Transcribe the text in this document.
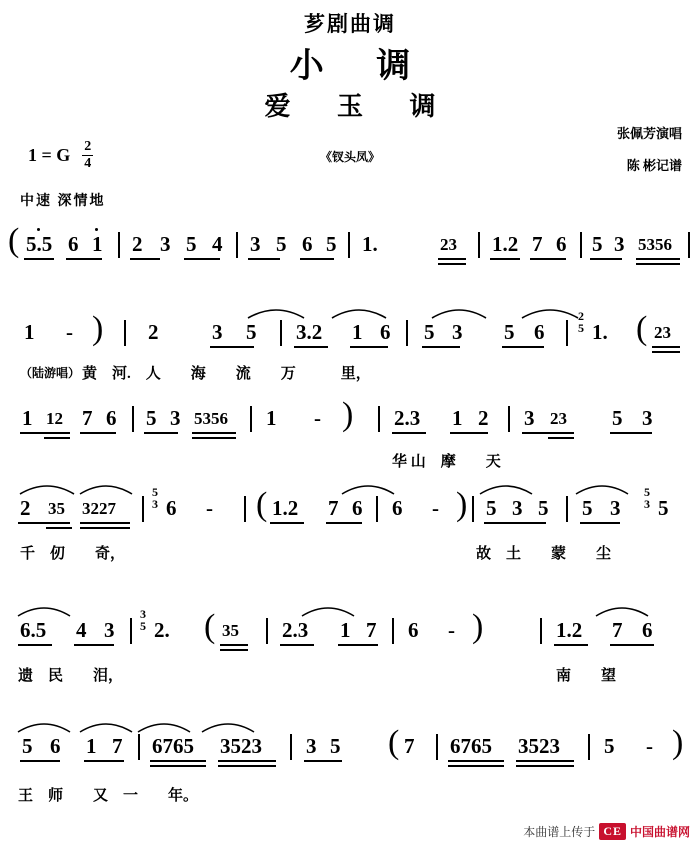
芗剧曲调
小 调
爱 玉 调
《钗头凤》
张佩芳演唱
陈 彬记谱
1 = G $\frac{2}{4}$
中速 深情地
( 5.5 6 1 2 3 5 4 3 5 6 5 1.	23 1.2 7 6 5 3 5356
1 - ) 2	3 5 3.2 1 6 5 3 5 6
2
5 1. ( 23
（陆游唱） 黄　河.　人　　海　　流　　万　　　里，
1 12 7 6 5 3 5356 1 - ) 2.3 1 2 3 23 5 3
华 山　摩　　天
2 35 3227
5
3 6 - ( 1.2 7 6 6 - ) 5 3 5 5 3
5
3 5
千　仞　　奇，	故　土　　蒙　　尘
6.5 4 3
3
5 2. ( 35 2.3 1 7 6 - )	1.2 7 6
遗　民　　泪，	南　　望
5 6 1 7 6765 3523 3 5 ( 7 6765 3523 5 - )
王　师　　又　一　　年。
本曲谱上传于 CE 中国曲谱网
